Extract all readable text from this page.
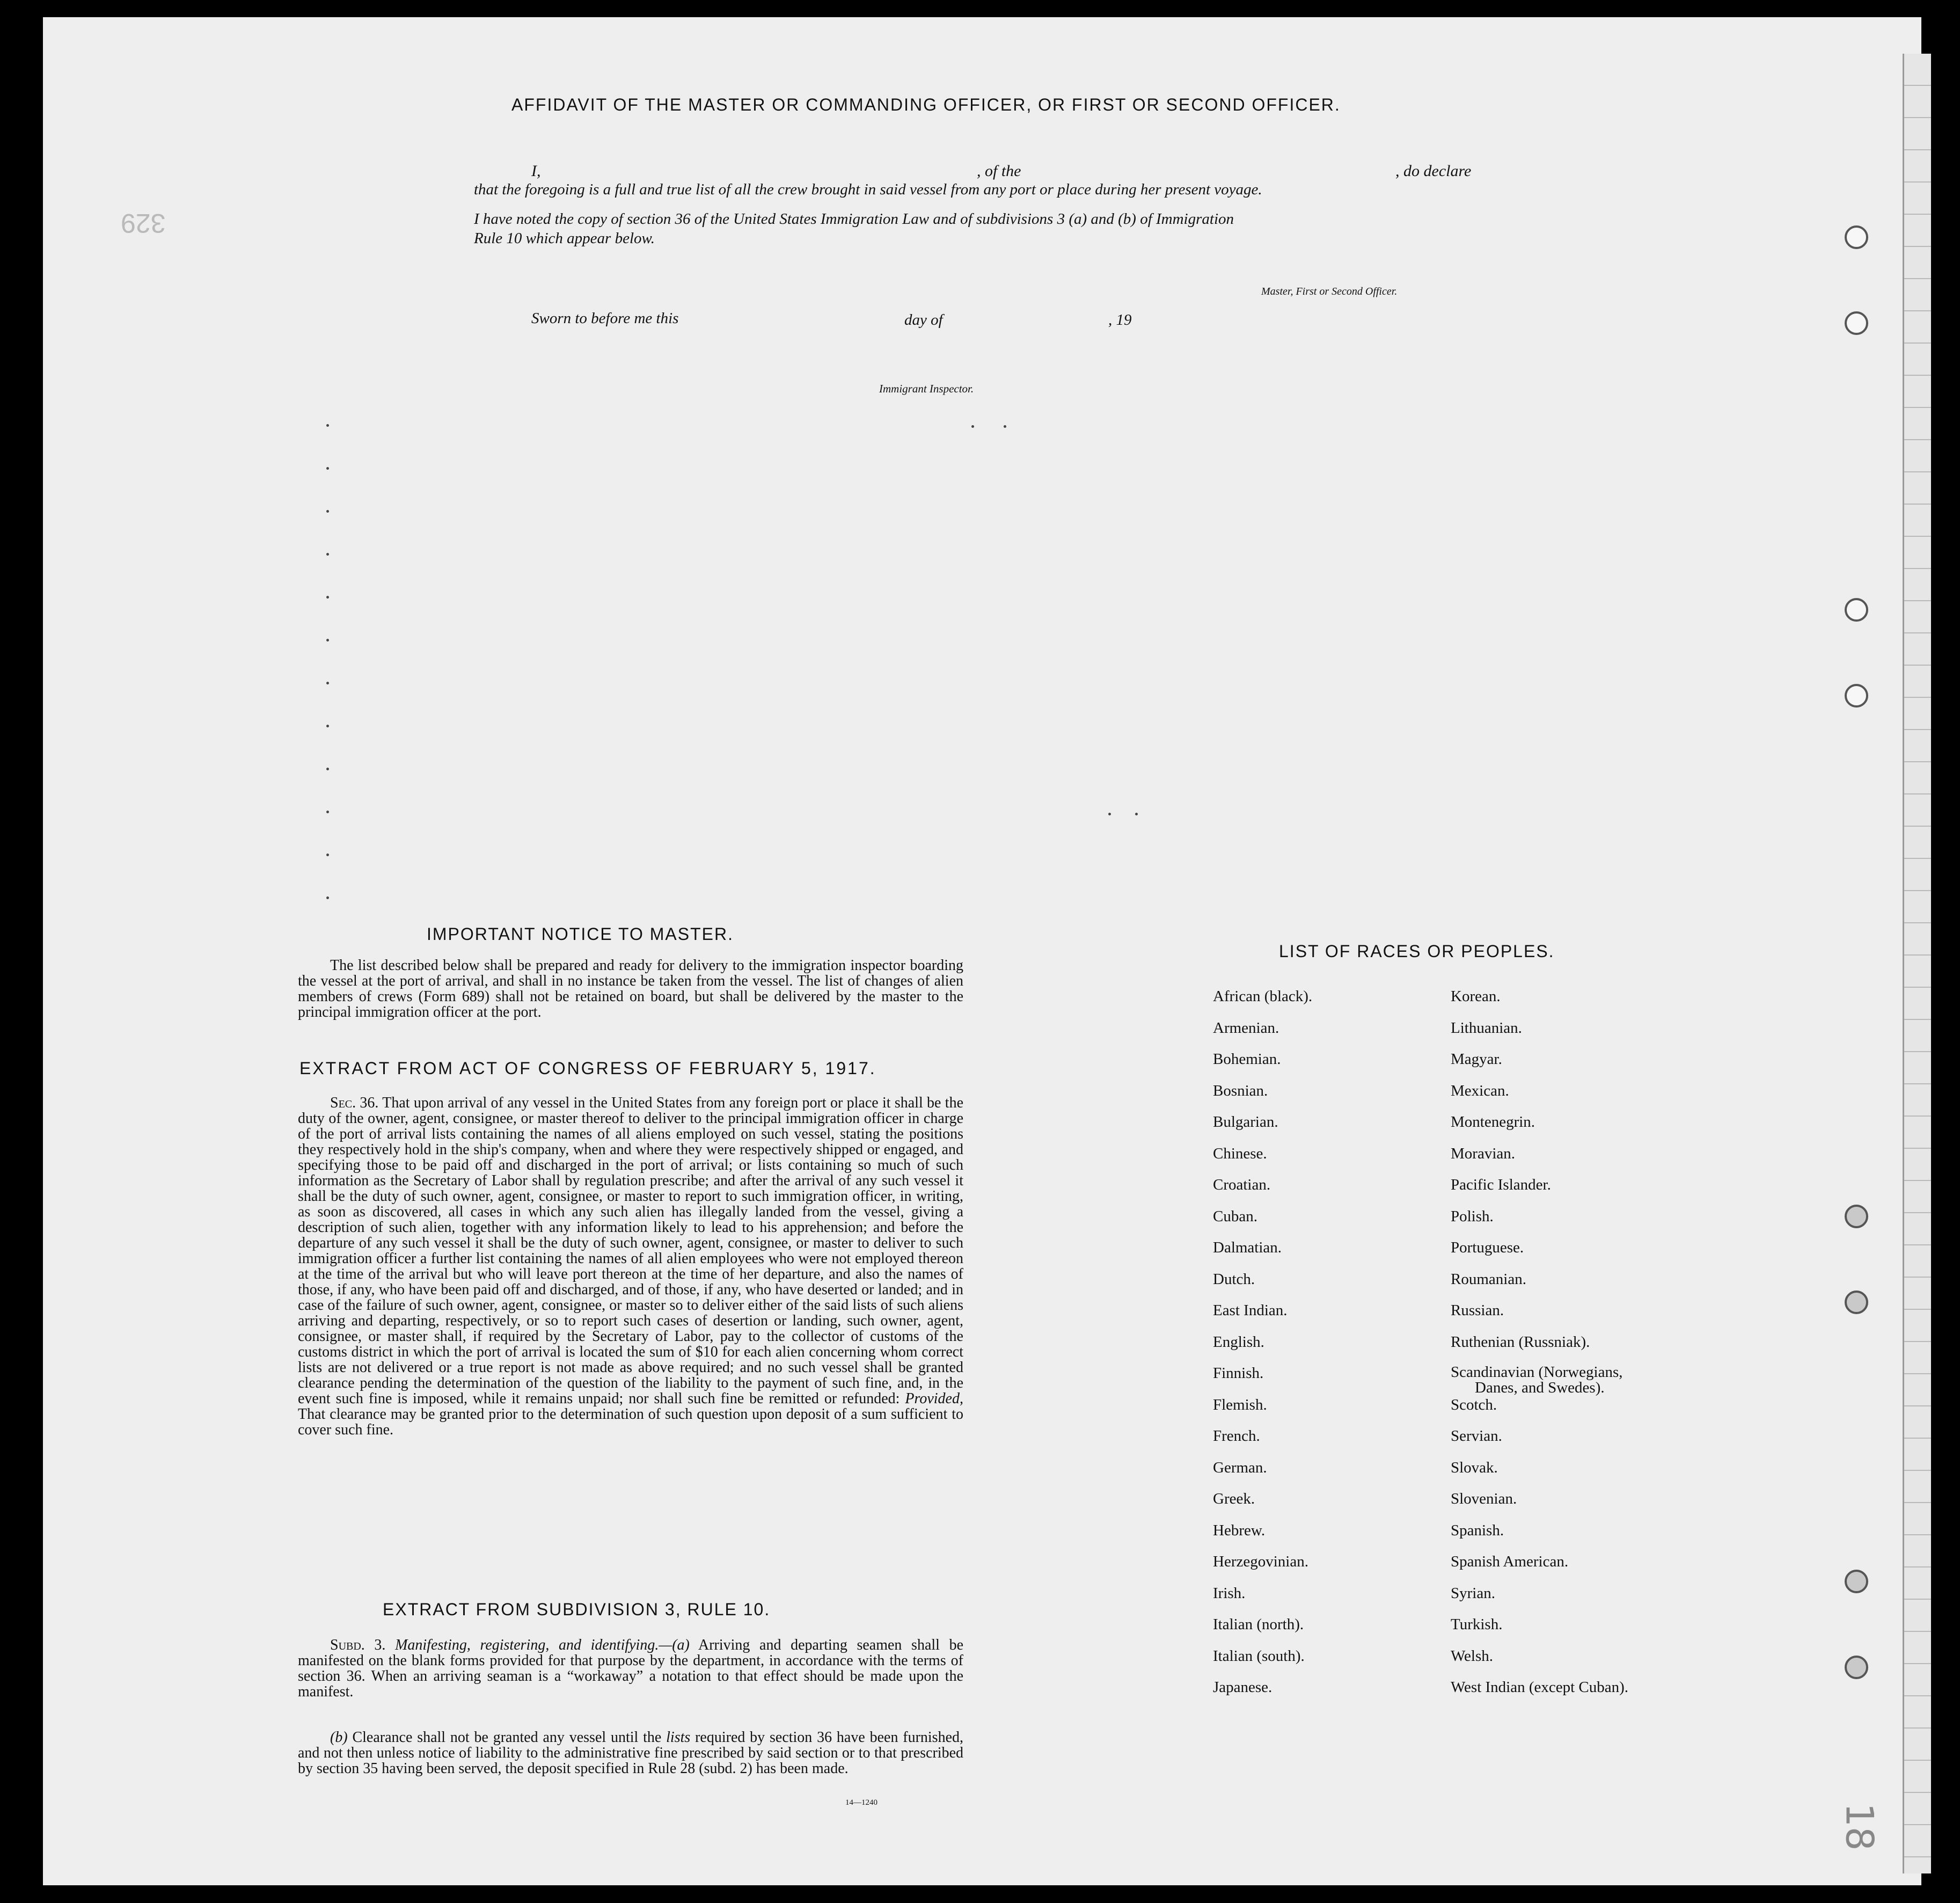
AFFIDAVIT OF THE MASTER OR COMMANDING OFFICER, OR FIRST OR SECOND OFFICER.
I,	, of the	, do declare
that the foregoing is a full and true list of all the crew brought in said vessel from any port or place during her present voyage.
I have noted the copy of section 36 of the United States Immigration Law and of subdivisions 3 (a) and (b) of Immigration
Rule 10 which appear below.
Master, First or Second Officer.
Sworn to before me this	day of	, 19
Immigrant Inspector.
329
IMPORTANT NOTICE TO MASTER.

The list described below shall be prepared and ready for delivery to the immigration inspector boarding the vessel at the port of arrival, and shall in no instance be taken from the vessel. The list of changes of alien members of crews (Form 689) shall not be retained on board, but shall be delivered by the master to the principal immigration officer at the port.

EXTRACT FROM ACT OF CONGRESS OF FEBRUARY 5, 1917.

Sec. 36. That upon arrival of any vessel in the United States from any foreign port or place it shall be the duty of the owner, agent, consignee, or master thereof to deliver to the principal immigration officer in charge of the port of arrival lists containing the names of all aliens employed on such vessel, stating the positions they respectively hold in the ship's company, when and where they were respectively shipped or engaged, and specifying those to be paid off and discharged in the port of arrival; or lists containing so much of such information as the Secretary of Labor shall by regulation prescribe; and after the arrival of any such vessel it shall be the duty of such owner, agent, consignee, or master to report to such immigration officer, in writing, as soon as discovered, all cases in which any such alien has illegally landed from the vessel, giving a description of such alien, together with any information likely to lead to his apprehension; and before the departure of any such vessel it shall be the duty of such owner, agent, consignee, or master to deliver to such immigration officer a further list containing the names of all alien employees who were not employed thereon at the time of the arrival but who will leave port thereon at the time of her departure, and also the names of those, if any, who have been paid off and discharged, and of those, if any, who have deserted or landed; and in case of the failure of such owner, agent, consignee, or master so to deliver either of the said lists of such aliens arriving and departing, respectively, or so to report such cases of desertion or landing, such owner, agent, consignee, or master shall, if required by the Secretary of Labor, pay to the collector of customs of the customs district in which the port of arrival is located the sum of $10 for each alien concerning whom correct lists are not delivered or a true report is not made as above required; and no such vessel shall be granted clearance pending the determination of the question of the liability to the payment of such fine, and, in the event such fine is imposed, while it remains unpaid; nor shall such fine be remitted or refunded: Provided, That clearance may be granted prior to the determination of such question upon deposit of a sum sufficient to cover such fine.

EXTRACT FROM SUBDIVISION 3, RULE 10.

Subd. 3. Manifesting, registering, and identifying.—(a) Arriving and departing seamen shall be manifested on the blank forms provided for that purpose by the department, in accordance with the terms of section 36. When an arriving seaman is a “workaway” a notation to that effect should be made upon the manifest.

(b) Clearance shall not be granted any vessel until the lists required by section 36 have been furnished, and not then unless notice of liability to the administrative fine prescribed by said section or to that prescribed by section 35 having been served, the deposit specified in Rule 28 (subd. 2) has been made.

14—1240
LIST OF RACES OR PEOPLES.
African (black).
Armenian.
Bohemian.
Bosnian.
Bulgarian.
Chinese.
Croatian.
Cuban.
Dalmatian.
Dutch.
East Indian.
English.
Finnish.
Flemish.
French.
German.
Greek.
Hebrew.
Herzegovinian.
Irish.
Italian (north).
Italian (south).
Japanese.
Korean.
Lithuanian.
Magyar.
Mexican.
Montenegrin.
Moravian.
Pacific Islander.
Polish.
Portuguese.
Roumanian.
Russian.
Ruthenian (Russniak).
Scandinavian (Norwegians,
Danes, and Swedes).
Scotch.
Servian.
Slovak.
Slovenian.
Spanish.
Spanish American.
Syrian.
Turkish.
Welsh.
West Indian (except Cuban).
18
